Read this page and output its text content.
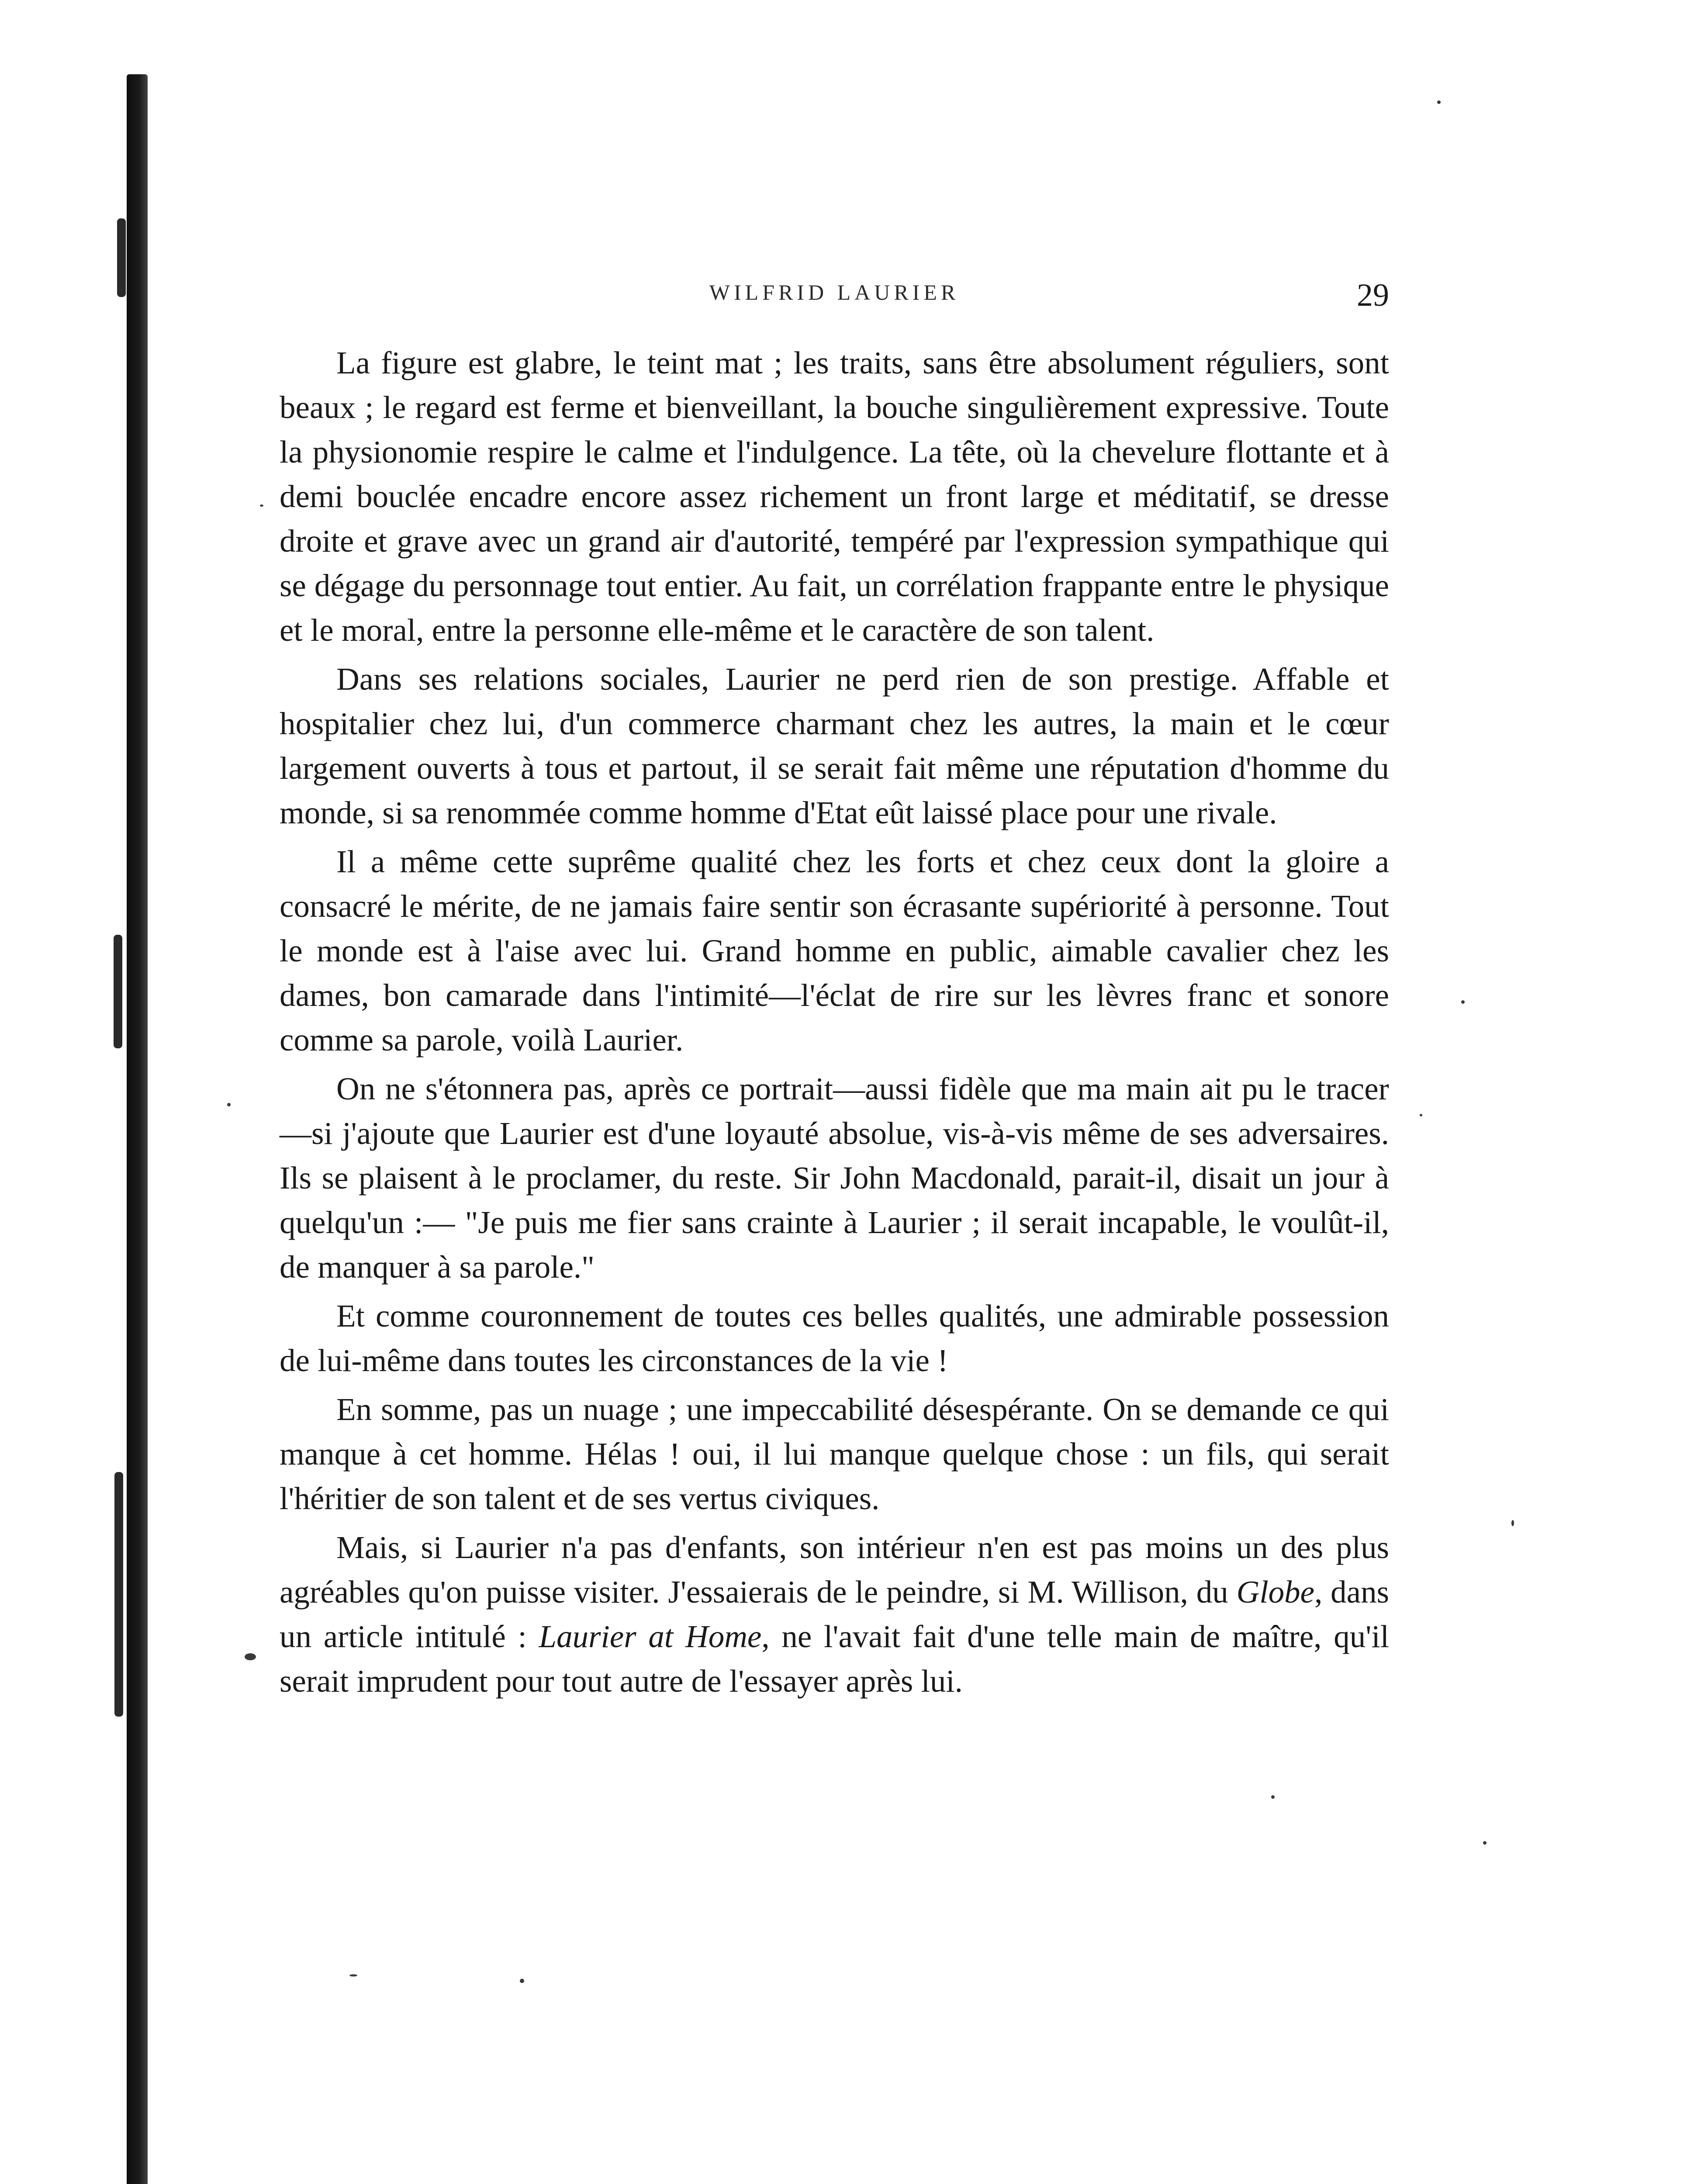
WILFRID LAURIER	29

La figure est glabre, le teint mat ; les traits, sans être absolument réguliers, sont beaux ; le regard est ferme et bienveillant, la bouche singulièrement expressive. Toute la physionomie respire le calme et l'indulgence. La tête, où la chevelure flottante et à demi bouclée encadre encore assez richement un front large et méditatif, se dresse droite et grave avec un grand air d'autorité, tempéré par l'expression sympathique qui se dégage du personnage tout entier. Au fait, un corrélation frappante entre le physique et le moral, entre la personne elle-même et le caractère de son talent.

Dans ses relations sociales, Laurier ne perd rien de son prestige. Affable et hospitalier chez lui, d'un commerce charmant chez les autres, la main et le cœur largement ouverts à tous et partout, il se serait fait même une réputation d'homme du monde, si sa renommée comme homme d'Etat eût laissé place pour une rivale.

Il a même cette suprême qualité chez les forts et chez ceux dont la gloire a consacré le mérite, de ne jamais faire sentir son écrasante supériorité à personne. Tout le monde est à l'aise avec lui. Grand homme en public, aimable cavalier chez les dames, bon camarade dans l'intimité—l'éclat de rire sur les lèvres franc et sonore comme sa parole, voilà Laurier.

On ne s'étonnera pas, après ce portrait—aussi fidèle que ma main ait pu le tracer—si j'ajoute que Laurier est d'une loyauté absolue, vis-à-vis même de ses adversaires. Ils se plaisent à le proclamer, du reste. Sir John Macdonald, parait-il, disait un jour à quelqu'un :— "Je puis me fier sans crainte à Laurier ; il serait incapable, le voulût-il, de manquer à sa parole."

Et comme couronnement de toutes ces belles qualités, une admirable possession de lui-même dans toutes les circonstances de la vie !

En somme, pas un nuage ; une impeccabilité désespérante. On se demande ce qui manque à cet homme. Hélas ! oui, il lui manque quelque chose : un fils, qui serait l'héritier de son talent et de ses vertus civiques.

Mais, si Laurier n'a pas d'enfants, son intérieur n'en est pas moins un des plus agréables qu'on puisse visiter. J'essaierais de le peindre, si M. Willison, du Globe, dans un article intitulé : Laurier at Home, ne l'avait fait d'une telle main de maître, qu'il serait imprudent pour tout autre de l'essayer après lui.
